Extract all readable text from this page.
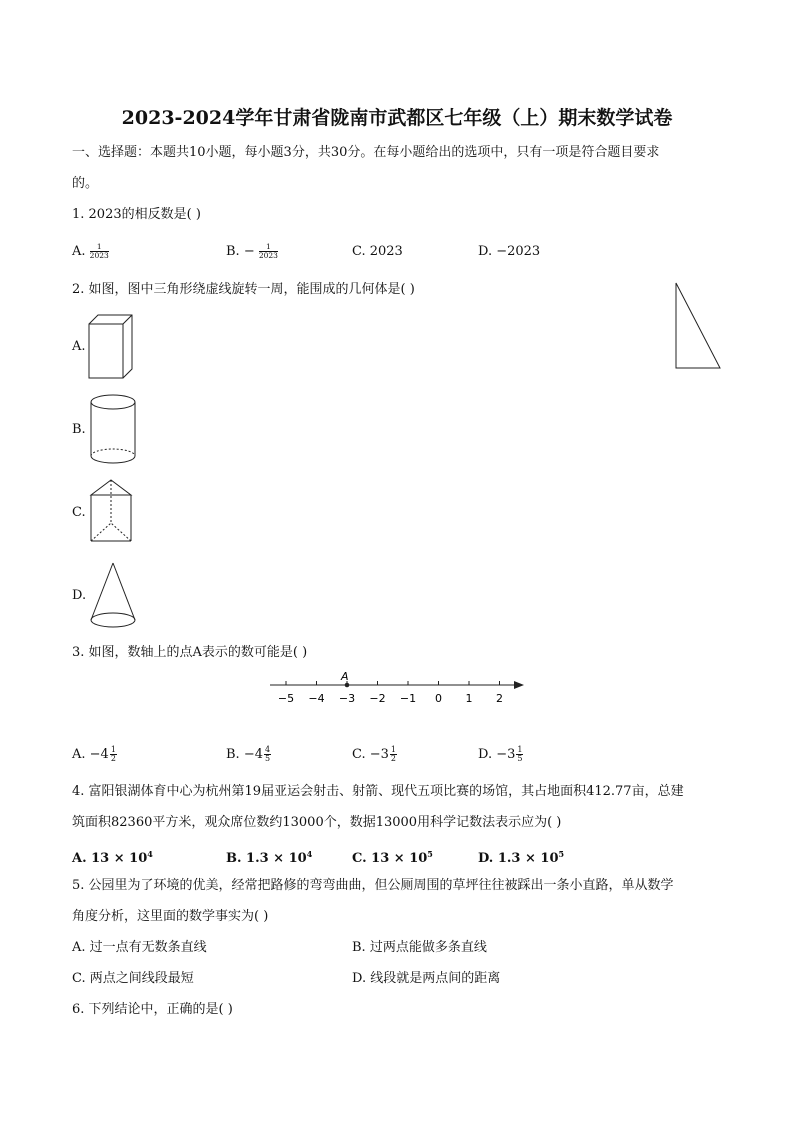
2023-2024学年甘肃省陇南市武都区七年级（上）期末数学试卷
一、选择题：本题共10小题，每小题3分，共30分。在每小题给出的选项中，只有一项是符合题目要求
的。
1. 2023的相反数是( )
A. $\frac{1}{2023}$	B. − $\frac{1}{2023}$	C. 2023	D. −2023
2. 如图，图中三角形绕虚线旋转一周，能围成的几何体是( )
A.
B.
C.
D.
3. 如图，数轴上的点A表示的数可能是( )
−5 −4 −3 −2 −1 0 1 2
A
A. $-4 \frac{1}{2}$	B. $-4 \frac{4}{5}$	C. $-3 \frac{1}{2}$	D. $-3 \frac{1}{5}$
4. 富阳银湖体育中心为杭州第19届亚运会射击、射箭、现代五项比赛的场馆，其占地面积412.77亩，总建
筑面积82360平方米，观众席位数约13000个，数据13000用科学记数法表示应为( )
A. $13 \times 10^4$	B. $1.3 \times 10^4$	C. $13 \times 10^5$	D. $1.3 \times 10^5$
5. 公园里为了环境的优美，经常把路修的弯弯曲曲，但公厕周围的草坪往往被踩出一条小直路，单从数学
角度分析，这里面的数学事实为( )
A. 过一点有无数条直线	B. 过两点能做多条直线
C. 两点之间线段最短	D. 线段就是两点间的距离
6. 下列结论中，正确的是( )
